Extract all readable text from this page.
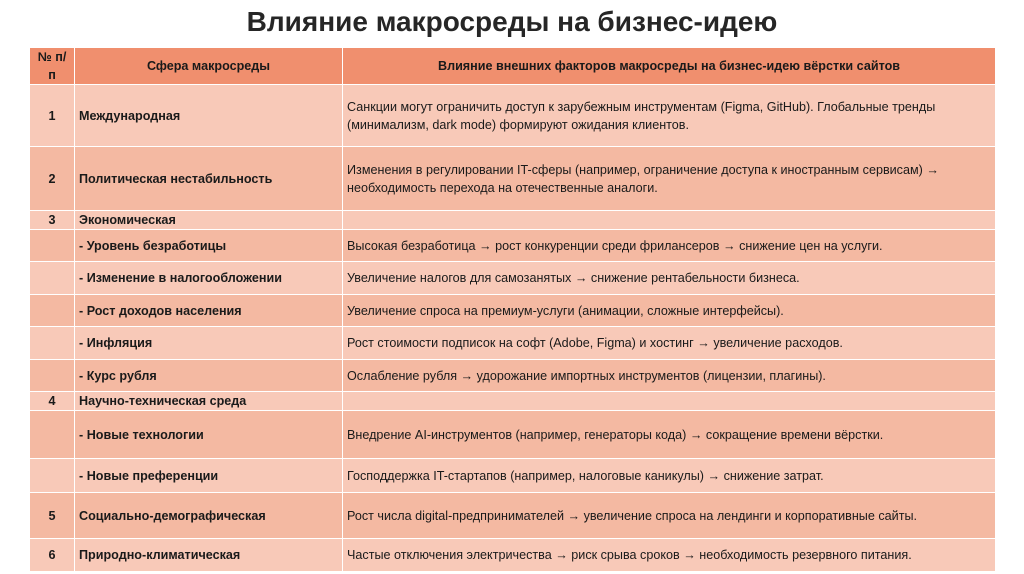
Влияние макросреды на бизнес-идею
№ п/п	Сфера макросреды	Влияние внешних факторов макросреды на бизнес-идею вёрстки сайтов
1	Международная	Санкции могут ограничить доступ к зарубежным инструментам (Figma, GitHub). Глобальные тренды (минимализм, dark mode) формируют ожидания клиентов.
2	Политическая нестабильность	Изменения в регулировании IT-сферы (например, ограничение доступа к иностранным сервисам) → необходимость перехода на отечественные аналоги.
3	Экономическая	
	- Уровень безработицы	Высокая безработица → рост конкуренции среди фрилансеров → снижение цен на услуги.
	- Изменение в налогообложении	Увеличение налогов для самозанятых → снижение рентабельности бизнеса.
	- Рост доходов населения	Увеличение спроса на премиум-услуги (анимации, сложные интерфейсы).
	- Инфляция	Рост стоимости подписок на софт (Adobe, Figma) и хостинг → увеличение расходов.
	- Курс рубля	Ослабление рубля → удорожание импортных инструментов (лицензии, плагины).
4	Научно-техническая среда	
	- Новые технологии	Внедрение AI-инструментов (например, генераторы кода) → сокращение времени вёрстки.
	- Новые преференции	Господдержка IT-стартапов (например, налоговые каникулы) → снижение затрат.
5	Социально-демографическая	Рост числа digital-предпринимателей → увеличение спроса на лендинги и корпоративные сайты.
6	Природно-климатическая	Частые отключения электричества → риск срыва сроков → необходимость резервного питания.
